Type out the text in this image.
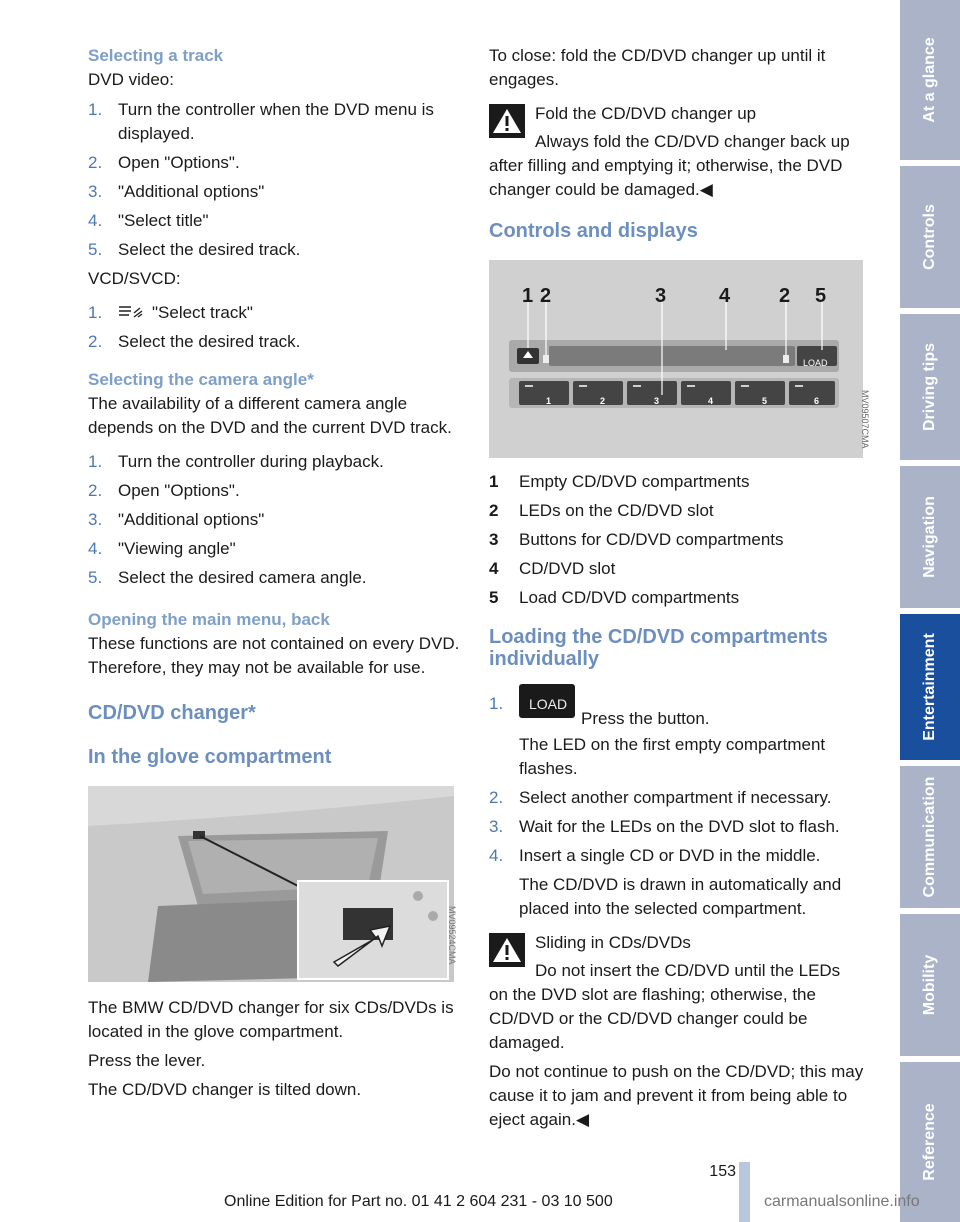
Selecting a track

DVD video:

1. Turn the controller when the DVD menu is displayed.
2. Open "Options".
3. "Additional options"
4. "Select title"
5. Select the desired track.

VCD/SVCD:

1.	"Select track"
2. Select the desired track.
Selecting the camera angle*

The availability of a different camera angle depends on the DVD and the current DVD track.

1. Turn the controller during playback.
2. Open "Options".
3. "Additional options"
4. "Viewing angle"
5. Select the desired camera angle.
Opening the main menu, back

These functions are not contained on every DVD. Therefore, they may not be available for use.

CD/DVD changer*
In the glove compartment
MV09524CMA

The BMW CD/DVD changer for six CDs/DVDs is located in the glove compartment.

Press the lever.

The CD/DVD changer is tilted down.

To close: fold the CD/DVD changer up until it engages.

Fold the CD/DVD changer up

Always fold the CD/DVD changer back up

after filling and emptying it; otherwise, the DVD changer could be damaged.◀

Controls and displays
1 2	3	4 2 5
LOAD
1	2	3	4	5	6	MV09507CMA
1 Empty CD/DVD compartments
2 LEDs on the CD/DVD slot
3 Buttons for CD/DVD compartments
4 CD/DVD slot
5 Load CD/DVD compartments
Loading the CD/DVD compartments individually
1. LOAD
Press the button.

The LED on the first empty compartment flashes.

2. Select another compartment if necessary.
3. Wait for the LEDs on the DVD slot to flash.
4. Insert a single CD or DVD in the middle.

The CD/DVD is drawn in automatically and placed into the selected compartment.

Sliding in CDs/DVDs

Do not insert the CD/DVD until the LEDs

on the DVD slot are flashing; otherwise, the CD/DVD or the CD/DVD changer could be damaged.

Do not continue to push on the CD/DVD; this may cause it to jam and prevent it from being able to eject again.◀

At a glance
Controls
Driving tips
Navigation
Entertainment
Communication
Mobility
Reference
153
Online Edition for Part no. 01 41 2 604 231 - 03 10 500	carmanualsonline.info
